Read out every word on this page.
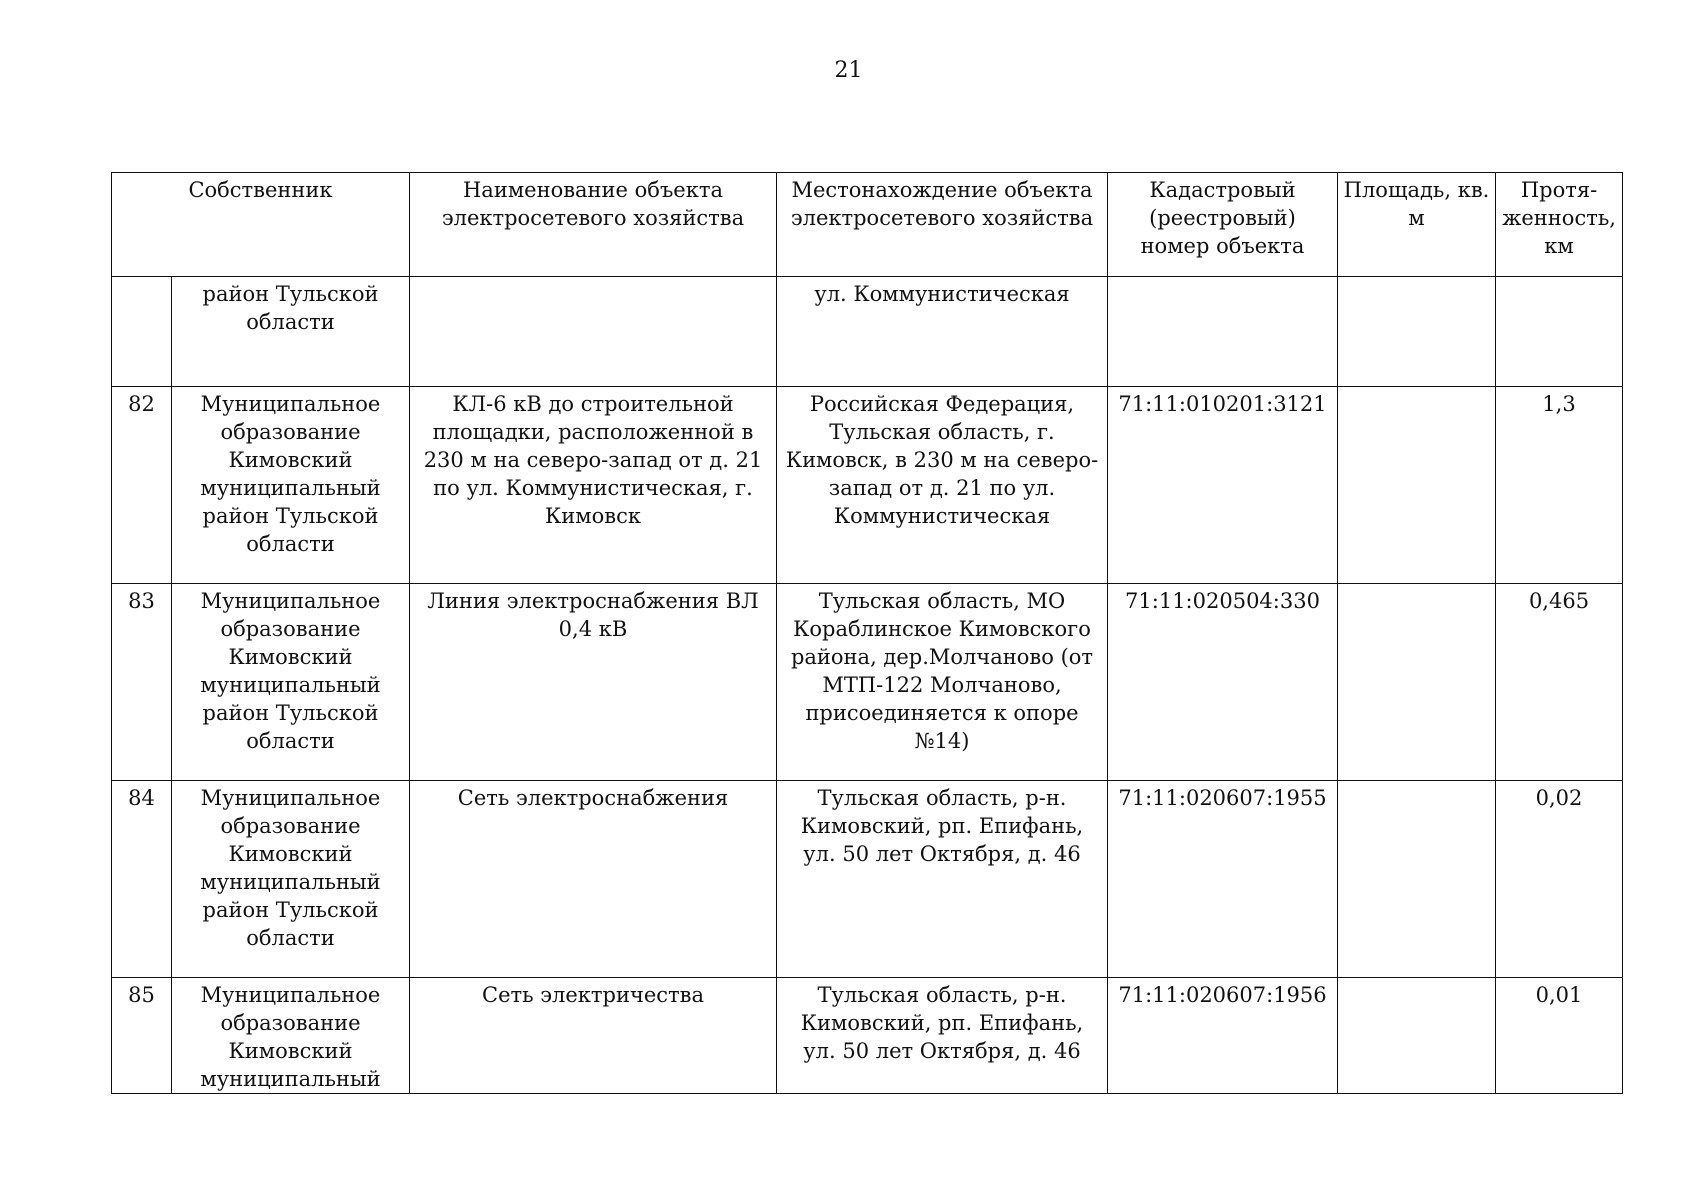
21
Собственник		Наименование объекта электросетевого хозяйства	Местонахождение объекта электросетевого хозяйства	Кадастровый (реестровый) номер объекта	Площадь, кв. м	Протя-женность, км
	район Тульской области		ул. Коммунистическая			
82	Муниципальное образование Кимовский муниципальный район Тульской области	КЛ-6 кВ до строительной площадки, расположенной в 230 м на северо-запад от д. 21 по ул. Коммунистическая, г. Кимовск	Российская Федерация, Тульская область, г. Кимовск, в 230 м на северо-запад от д. 21 по ул. Коммунистическая	71:11:010201:3121		1,3
83	Муниципальное образование Кимовский муниципальный район Тульской области	Линия электроснабжения ВЛ 0,4 кВ	Тульская область, МО Кораблинское Кимовского района, дер.Молчаново (от МТП-122 Молчаново, присоединяется к опоре №14)	71:11:020504:330		0,465
84	Муниципальное образование Кимовский муниципальный район Тульской области	Сеть электроснабжения	Тульская область, р-н. Кимовский, рп. Епифань, ул. 50 лет Октября, д. 46	71:11:020607:1955		0,02
85	Муниципальное образование Кимовский муниципальный	Сеть электричества	Тульская область, р-н. Кимовский, рп. Епифань, ул. 50 лет Октября, д. 46	71:11:020607:1956		0,01
